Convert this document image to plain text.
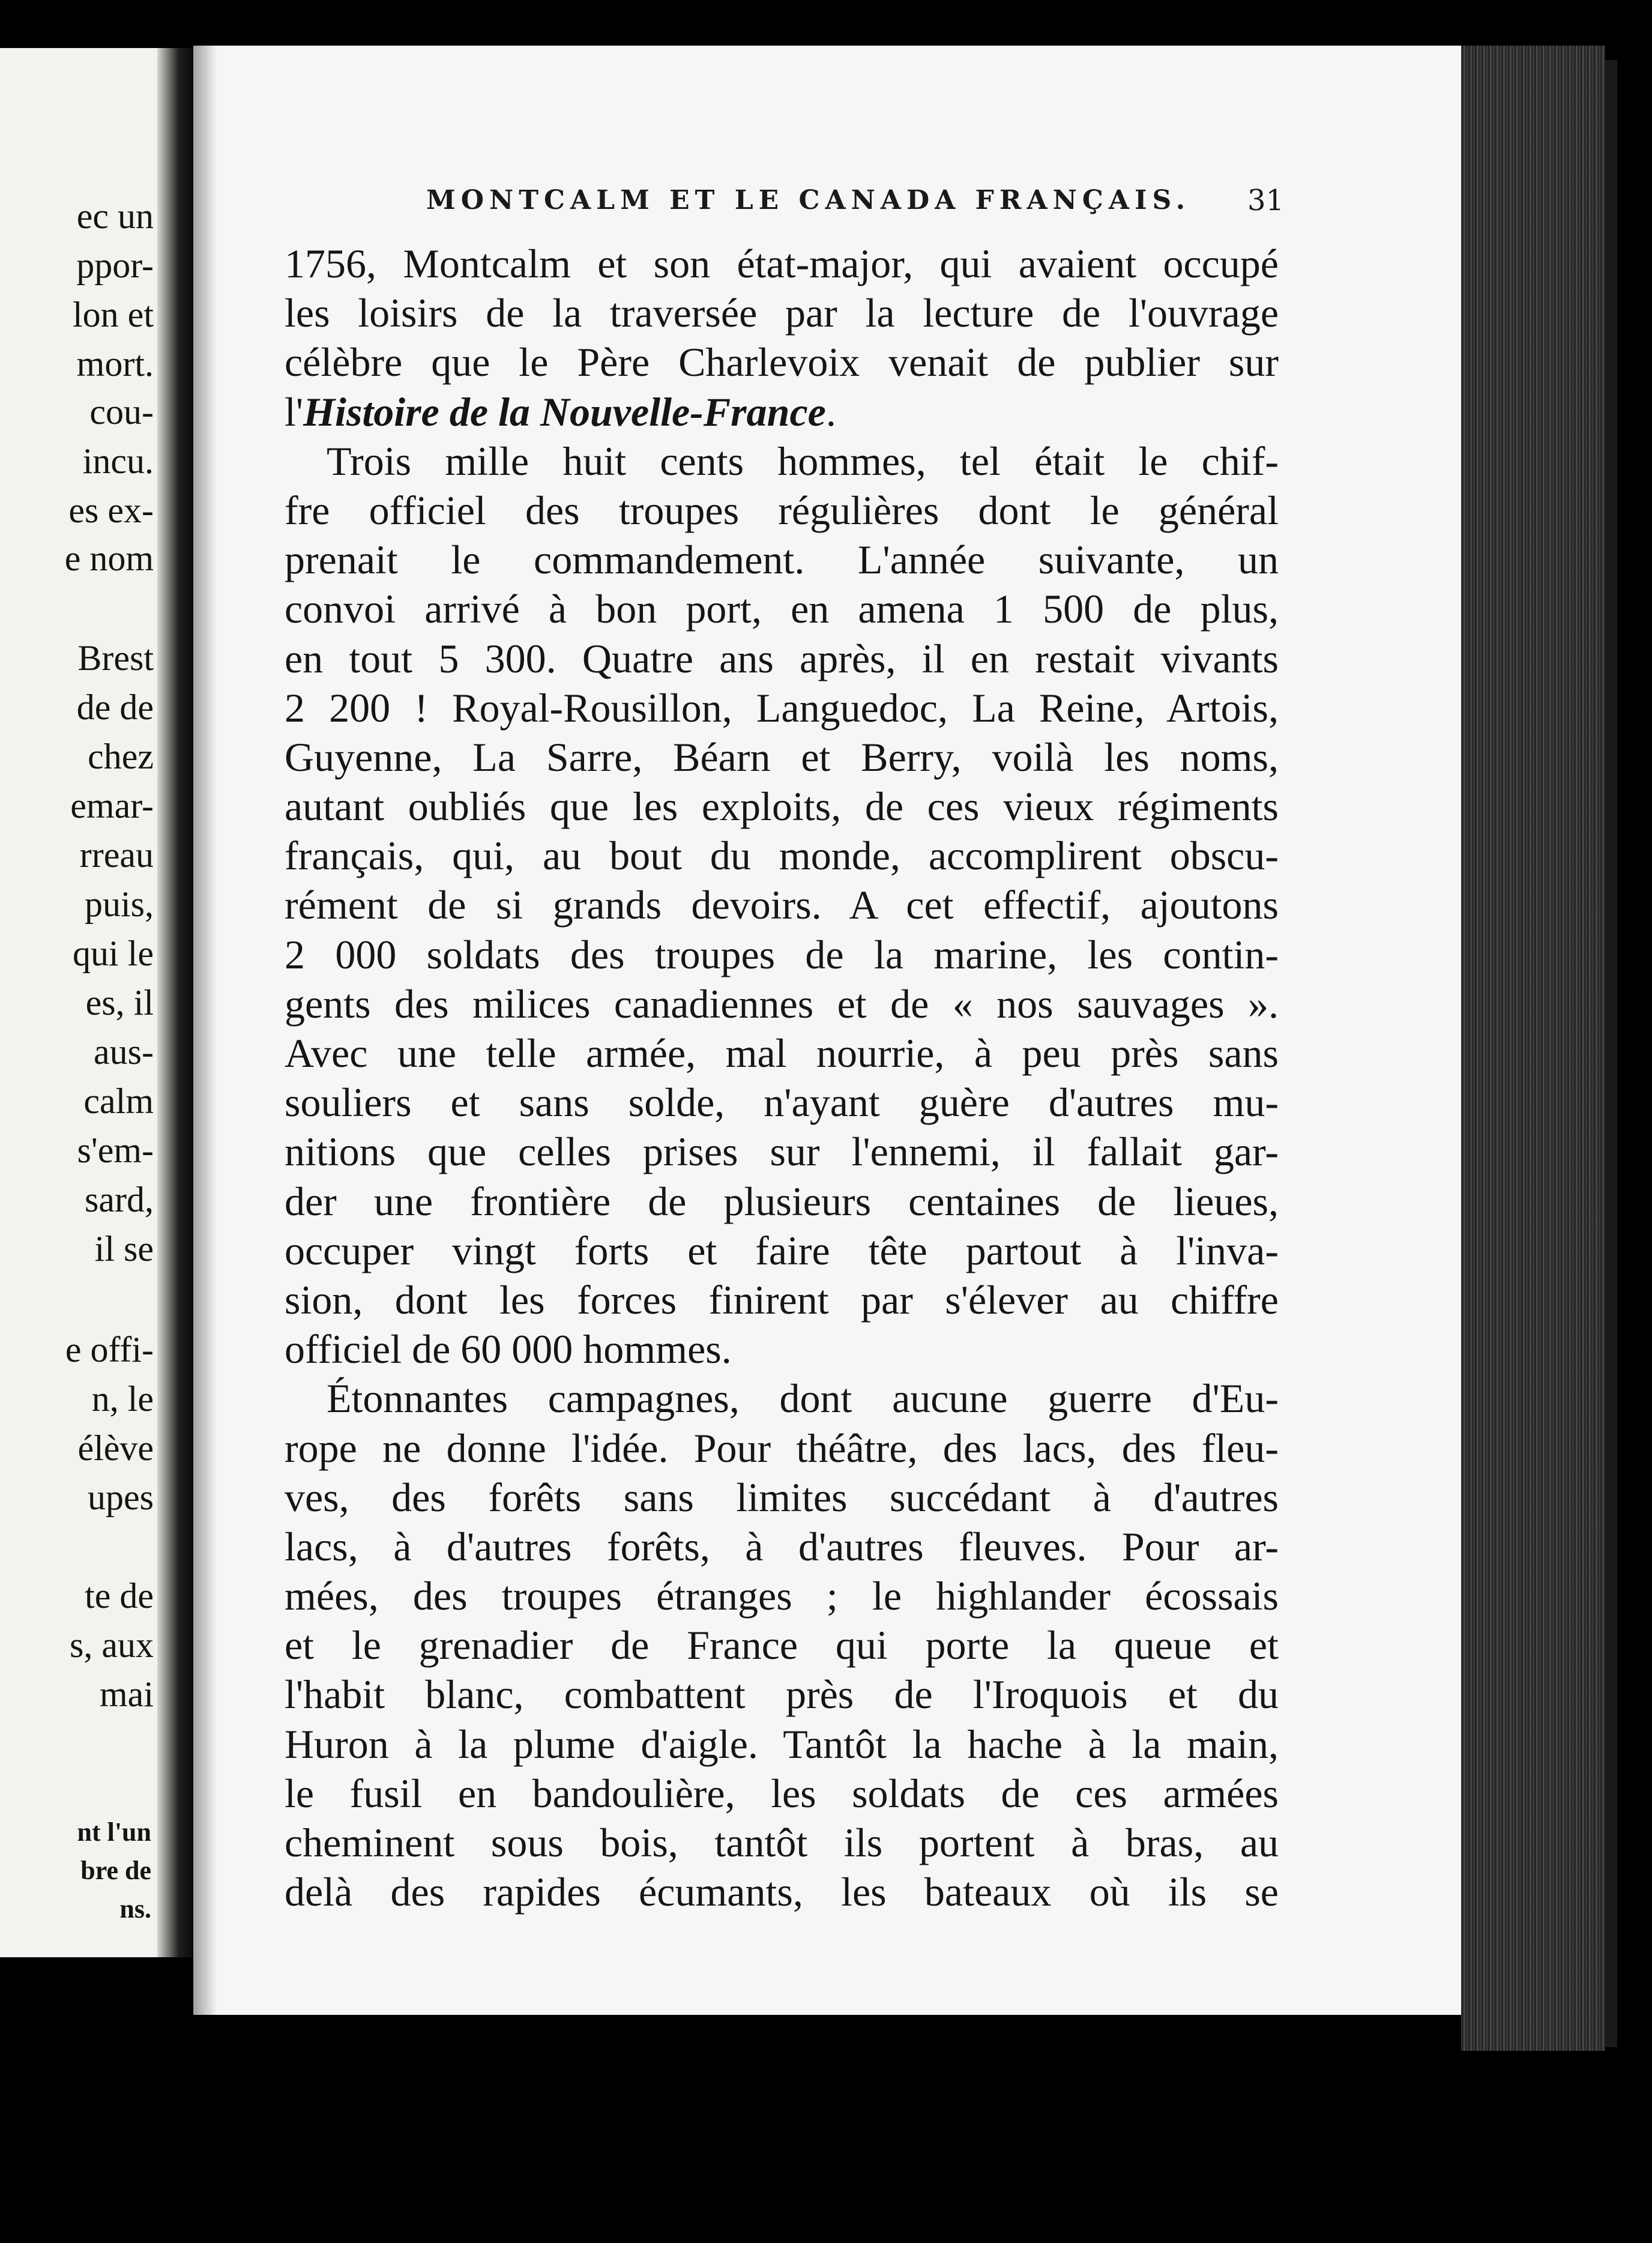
ec un
ppor-
lon et
mort.
cou-
incu.
es ex-
e nom
Brest
de de
chez
emar-
rreau
puis,
qui le
es, il
aus-
calm
s'em-
sard,
il se
e offi-
n, le
élève
upes
te de
s, aux
mai
nt l'un
bre de
ns.
MONTCALM ET LE CANADA FRANÇAIS. 31

1756, Montcalm et son état-major, qui avaient occupé
les loisirs de la traversée par la lecture de l'ouvrage
célèbre que le Père Charlevoix venait de publier sur
l'Histoire de la Nouvelle-France.

Trois mille huit cents hommes, tel était le chif-
fre officiel des troupes régulières dont le général
prenait le commandement. L'année suivante, un
convoi arrivé à bon port, en amena 1 500 de plus,
en tout 5 300. Quatre ans après, il en restait vivants
2 200 ! Royal-Rousillon, Languedoc, La Reine, Artois,
Guyenne, La Sarre, Béarn et Berry, voilà les noms,
autant oubliés que les exploits, de ces vieux régiments
français, qui, au bout du monde, accomplirent obscu-
rément de si grands devoirs. A cet effectif, ajoutons
2 000 soldats des troupes de la marine, les contin-
gents des milices canadiennes et de « nos sauvages ».
Avec une telle armée, mal nourrie, à peu près sans
souliers et sans solde, n'ayant guère d'autres mu-
nitions que celles prises sur l'ennemi, il fallait gar-
der une frontière de plusieurs centaines de lieues,
occuper vingt forts et faire tête partout à l'inva-
sion, dont les forces finirent par s'élever au chiffre
officiel de 60 000 hommes.

Étonnantes campagnes, dont aucune guerre d'Eu-
rope ne donne l'idée. Pour théâtre, des lacs, des fleu-
ves, des forêts sans limites succédant à d'autres
lacs, à d'autres forêts, à d'autres fleuves. Pour ar-
mées, des troupes étranges ; le highlander écossais
et le grenadier de France qui porte la queue et
l'habit blanc, combattent près de l'Iroquois et du
Huron à la plume d'aigle. Tantôt la hache à la main,
le fusil en bandoulière, les soldats de ces armées
cheminent sous bois, tantôt ils portent à bras, au
delà des rapides écumants, les bateaux où ils se
